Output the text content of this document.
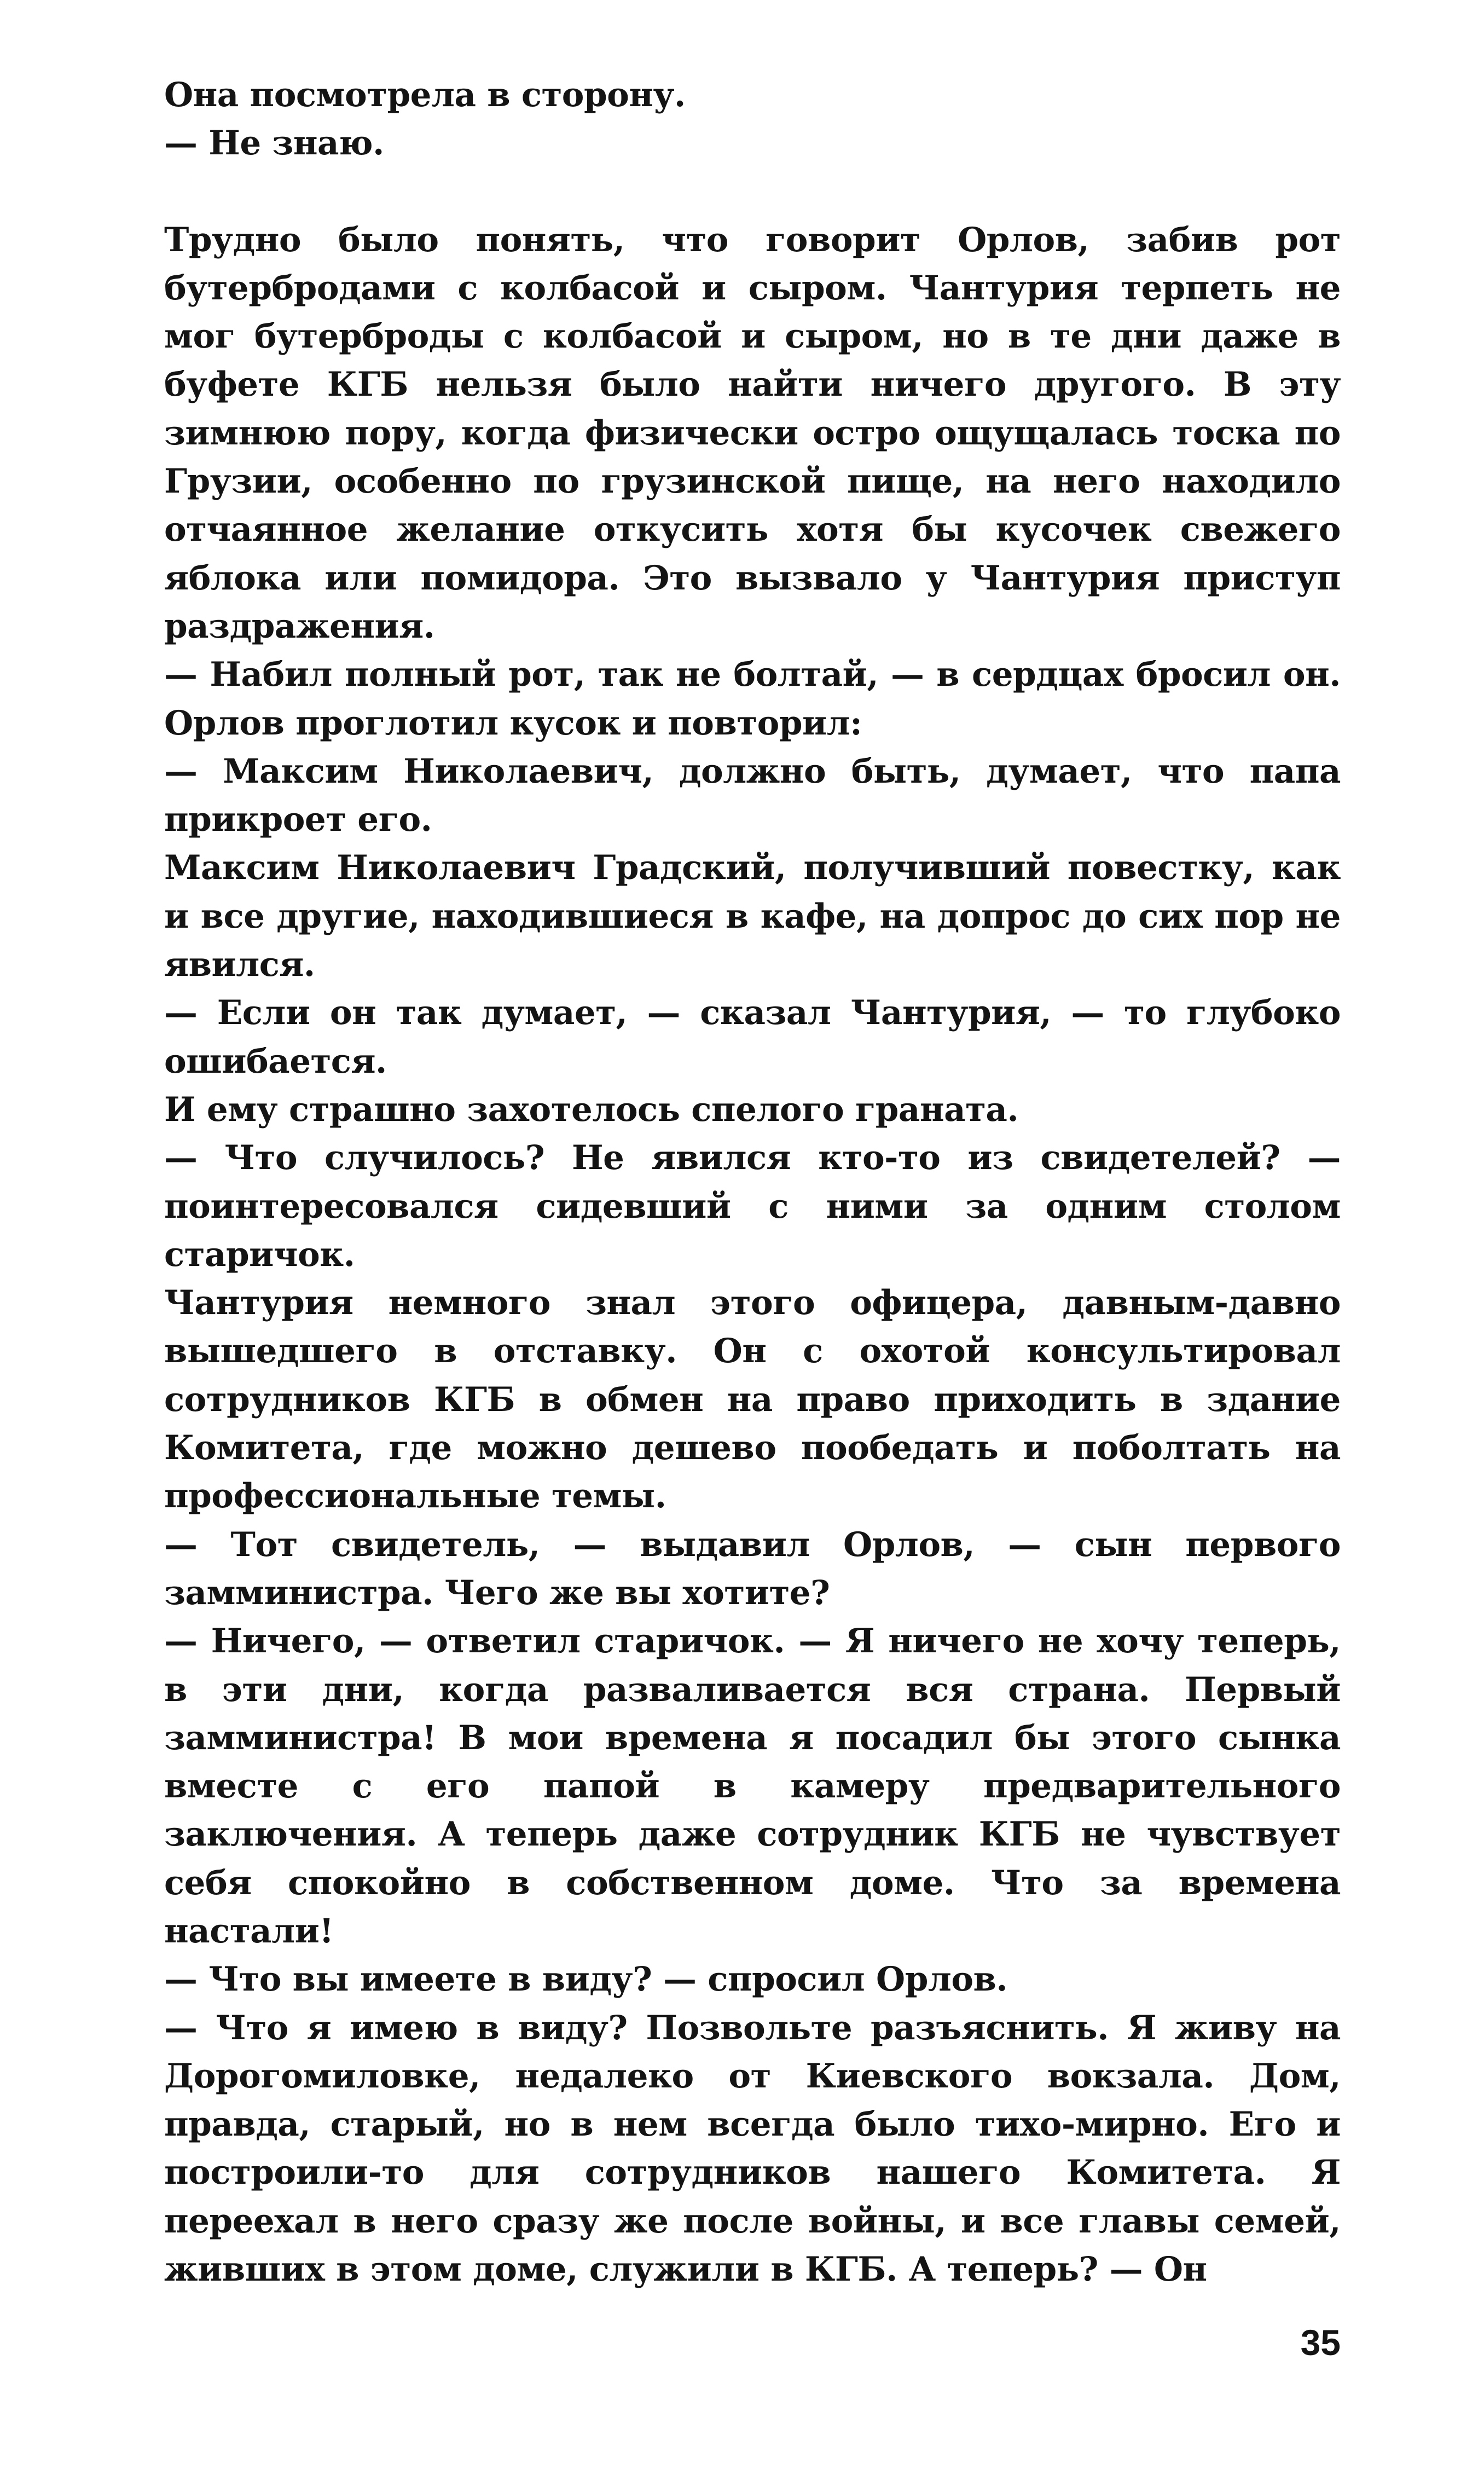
Она посмотрела в сторону.

— Не знаю.

Трудно было понять, что говорит Орлов, забив рот бутербродами с колбасой и сыром. Чантурия терпеть не мог бутерброды с колбасой и сыром, но в те дни даже в буфете КГБ нельзя было найти ничего другого. В эту зимнюю пору, когда физически остро ощущалась тоска по Грузии, особенно по грузинской пище, на него находило отчаянное желание откусить хотя бы кусочек свежего яблока или помидора. Это вызвало у Чантурия приступ раздражения.

— Набил полный рот, так не болтай, — в сердцах бросил он. Орлов проглотил кусок и повторил:

— Максим Николаевич, должно быть, думает, что папа прикроет его.

Максим Николаевич Градский, получивший повестку, как и все другие, находившиеся в кафе, на допрос до сих пор не явился.

— Если он так думает, — сказал Чантурия, — то глубоко ошибается.

И ему страшно захотелось спелого граната.

— Что случилось? Не явился кто-то из свидетелей? — поинтересовался сидевший с ними за одним столом старичок.

Чантурия немного знал этого офицера, давным-давно вышедшего в отставку. Он с охотой консультировал сотрудников КГБ в обмен на право приходить в здание Комитета, где можно дешево пообедать и поболтать на профессиональные темы.

— Тот свидетель, — выдавил Орлов, — сын первого замминистра. Чего же вы хотите?

— Ничего, — ответил старичок. — Я ничего не хочу теперь, в эти дни, когда разваливается вся страна. Первый замминистра! В мои времена я посадил бы этого сынка вместе с его папой в камеру предварительного заключения. А теперь даже сотрудник КГБ не чувствует себя спокойно в собственном доме. Что за времена настали!

— Что вы имеете в виду? — спросил Орлов.

— Что я имею в виду? Позвольте разъяснить. Я живу на Дорогомиловке, недалеко от Киевского вокзала. Дом, правда, старый, но в нем всегда было тихо-мирно. Его и построили-то для сотрудников нашего Комитета. Я переехал в него сразу же после войны, и все главы семей, живших в этом доме, служили в КГБ. А теперь? — Он

35
